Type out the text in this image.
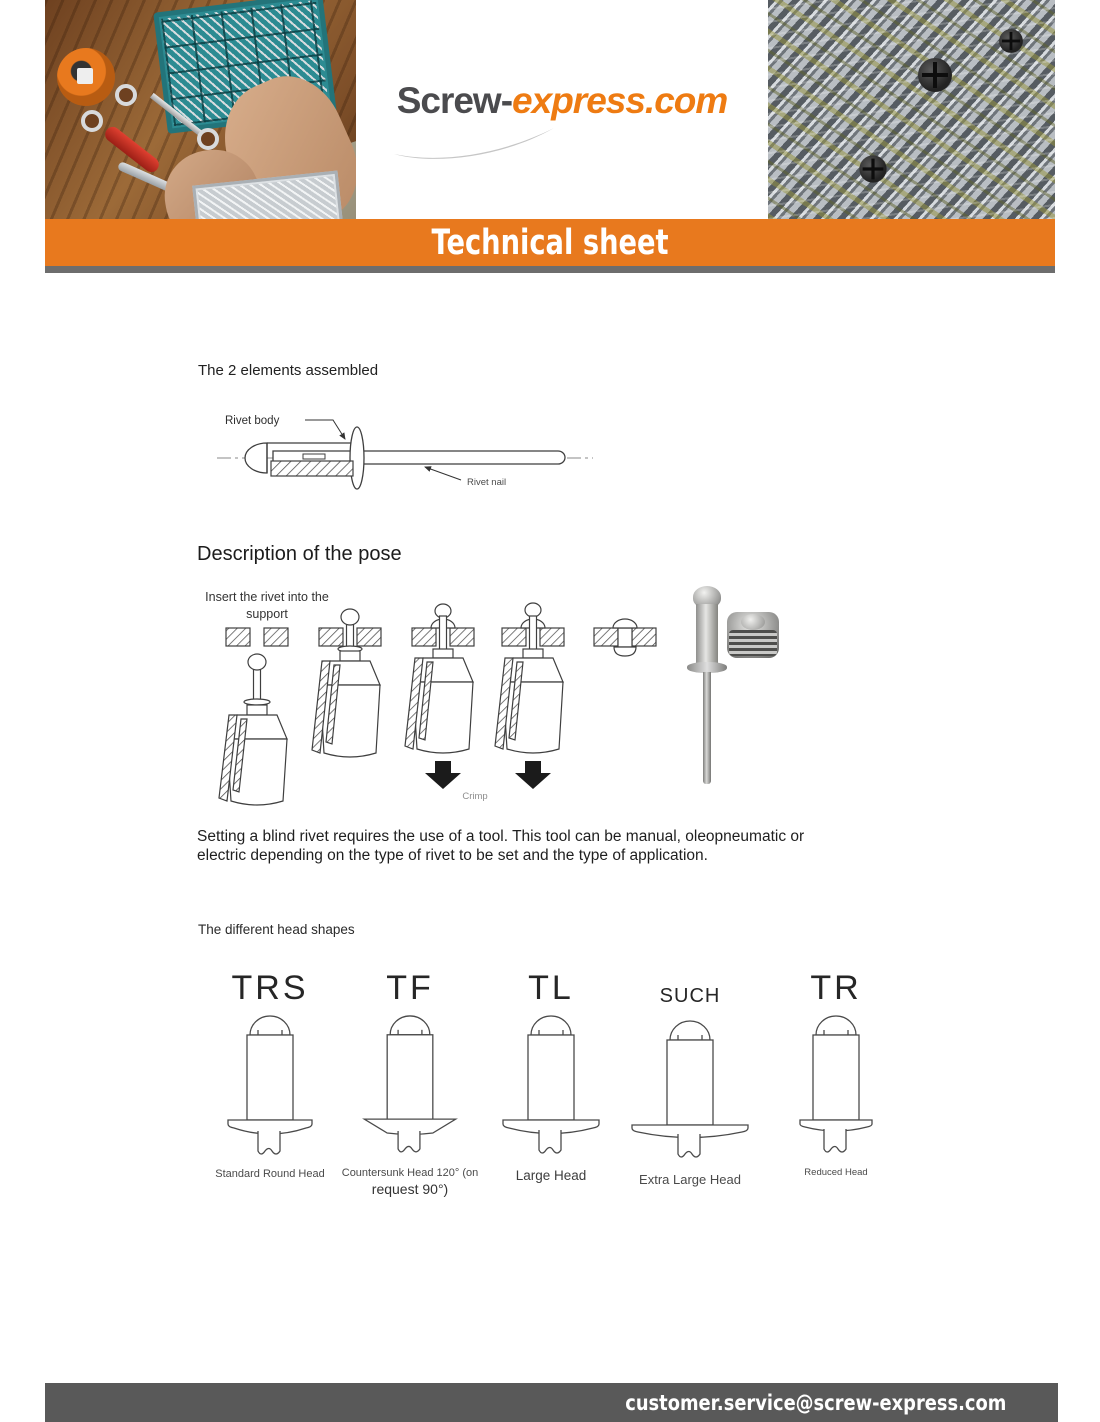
Screw-express.com
Technical sheet
The 2 elements assembled
Rivet body
Rivet nail
Description of the pose
Insert the rivet into the support
Crimp
Setting a blind rivet requires the use of a tool. This tool can be manual, oleopneumatic or electric depending on the type of rivet to be set and the type of application.
The different head shapes
TRS
Standard Round Head
TF
Countersunk Head 120° (on
request 90°)
TL
Large Head
SUCH
Extra Large Head
TR
Reduced Head
customer.service@screw-express.com
